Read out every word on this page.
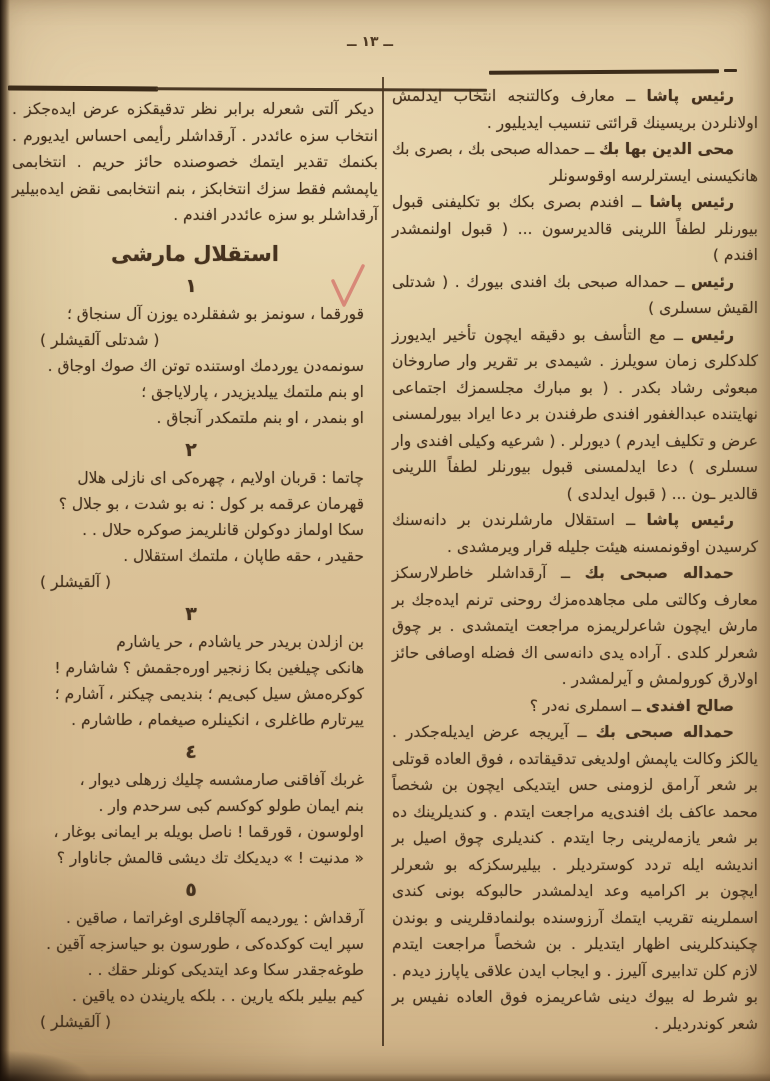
ــ ١٣ ــ

رئیس پاشا ــ معارف وكالتنجه انتخاب ایدلمش اولانلردن بریسینك قرائتی تنسیب ایدیلیور .

محی الدین بها بك ــ حمداله صبحی بك ، بصری بك هانكیسنی ایسترلرسه اوقوسونلر

رئیس پاشا ــ افندم بصری بكك بو تكلیفنی قبول بیورنلر لطفاً اللرینی قالدیرسون ... ( قبول اولنمشدر افندم )

رئیس ــ حمداله صبحی بك افندی بیورك . ( شدتلی القیش سسلری )

رئیس ــ مع التأسف بو دقیقه ایچون تأخیر ایدیورز كلدكلری زمان سویلرز . شیمدی بر تقریر وار صاروخان مبعوثی رشاد بكدر . ( بو مبارك مجلسمزك اجتماعی نهایتنده عبدالغفور افندی طرفندن بر دعا ایراد بیورلمسنی عرض و تكلیف ایدرم ) دیورلر . ( شرعیه وكیلی افندی وار سسلری ) دعا ایدلمسنی قبول بیورنلر لطفاً اللرینی قالدیر ـون ... ( قبول ایدلدی )

رئیس پاشا ــ استقلال مارشلرندن بر دانه‌سنك كرسیدن اوقونمسنه هیئت جلیله قرار ویرمشدی .

حمداله صبحی بك ــ آرقداشلر خاطرلارسكز معارف وكالتی ملی مجاهده‌مزك روحنی ترنم ایده‌جك بر مارش ایچون شاعرلریمزه مراجعت ایتمشدی . بر چوق شعرلر كلدی . آراده یدی دانه‌سی اك فضله اوصافی حائز اولارق كورولمش و آیرلمشدر .

صالح افندی ــ اسملری نه‌در ؟

حمداله صبحی بك ــ آیریجه عرض ایدیله‌جكدر . یالكز وكالت یاپمش اولدیغی تدقیقاتده ، فوق العاده قوتلی بر شعر آرامق لزومنی حس ایتدیكی ایچون بن شخصاً محمد عاكف بك افندی‌یه مراجعت ایتدم . و كندیلرینك ده بر شعر یازمه‌لرینی رجا ایتدم . كندیلری چوق اصیل بر اندیشه ایله تردد كوستردیلر . بیلیرسكزكه بو شعرلر ایچون بر اكرامیه وعد ایدلمشدر حالبوكه بونی كندی اسملرینه تقریب ایتمك آرزوسنده بولنمادقلرینی و بوندن چكیندكلرینی اظهار ایتدیلر . بن شخصاً مراجعت ایتدم لازم كلن تدابیری آلیرز . و ایجاب ایدن علاقی یاپارز دیدم . بو شرط له بیوك دینی شاعریمزه فوق العاده نفیس بر شعر كوندردیلر .

دیكر آلتی شعرله برابر نظر تدقیقكزه عرض ایده‌جكز . انتخاب سزه عائددر . آرقداشلر رأیمی احساس ایدیورم . بكنمك تقدیر ایتمك خصوصنده حائز حریم . انتخابمی یاپمشم فقط سزك انتخابكز ، بنم انتخابمی نقض ایده‌بیلیر آرقداشلر بو سزه عائددر افندم .

استقلال مارشی
١
قورقما ، سونمز بو شفقلرده یوزن آل سنجاق ؛
( شدتلی آلقیشلر )
سونمه‌دن یوردمك اوستنده توتن اك صوك اوجاق .
او بنم ملتمك ییلدیزیدر ، پارلایاجق ؛
او بنمدر ، او بنم ملتمكدر آنجاق .
٢
چاتما : قربان اولایم ، چهره‌كی ای نازلی هلال
قهرمان عرقمه بر كول : نه بو شدت ، بو جلال ؟
سكا اولماز دوكولن قانلریمز صوكره حلال . .
حقیدر ، حقه طاپان ، ملتمك استقلال .
( آلقیشلر )
٣
بن ازلدن بریدر حر یاشادم ، حر یاشارم
هانكی چیلغین بكا زنجیر اوره‌جقمش ؟ شاشارم !
كوكره‌مش سیل كبی‌یم ؛ بندیمی چیكنر ، آشارم ؛
ییرتارم طاغلری ، انكینلره صیغمام ، طاشارم .
٤
غربك آفاقنی صارمشسه چلیك زرهلی دیوار ،
بنم ایمان طولو كوكسم كبی سرحدم وار .
اولوسون ، قورقما ! ناصل بویله بر ایمانی بوغار ،
« مدنیت ! » دیدیكك تك دیشی قالمش جاناوار ؟
٥
آرقداش : یوردیمه آلچاقلری اوغراتما ، صاقین .
سپر ایت كوكده‌كی ، طورسون بو حیاسزجه آقین .
طوغه‌جقدر سكا وعد ایتدیكی كونلر حقك . .
كیم بیلیر بلكه یارین . . بلكه یاریندن ده یاقین .
( آلقیشلر )
